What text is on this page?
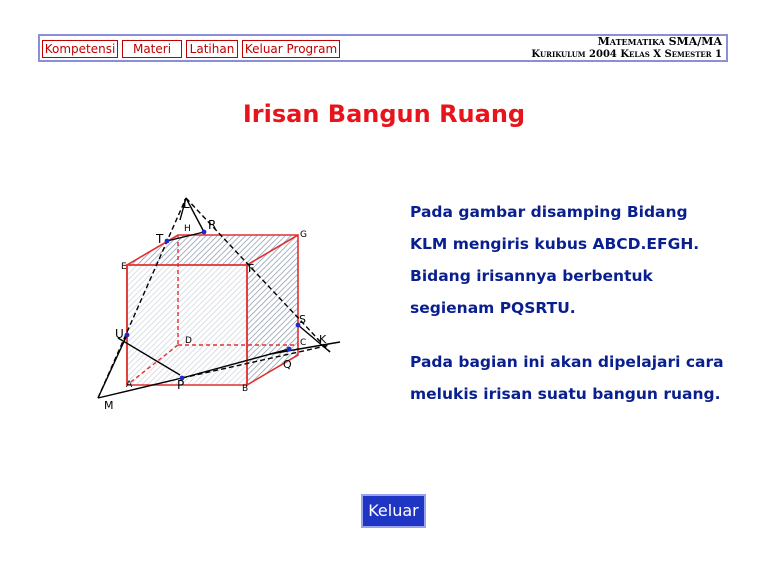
Kompetensi	Materi	Latihan Keluar Program
Matematika SMA/MA
Kurikulum 2004 Kelas X Semester 1
Irisan Bangun Ruang
L
H R
G
T
E	F
S
U	D	C K
Q
A	P	B
M

Pada gambar disamping Bidang KLM mengiris kubus ABCD.EFGH. Bidang irisannya berbentuk segienam PQSRTU.

Pada bagian ini akan dipelajari cara melukis irisan suatu bangun ruang.

Keluar
